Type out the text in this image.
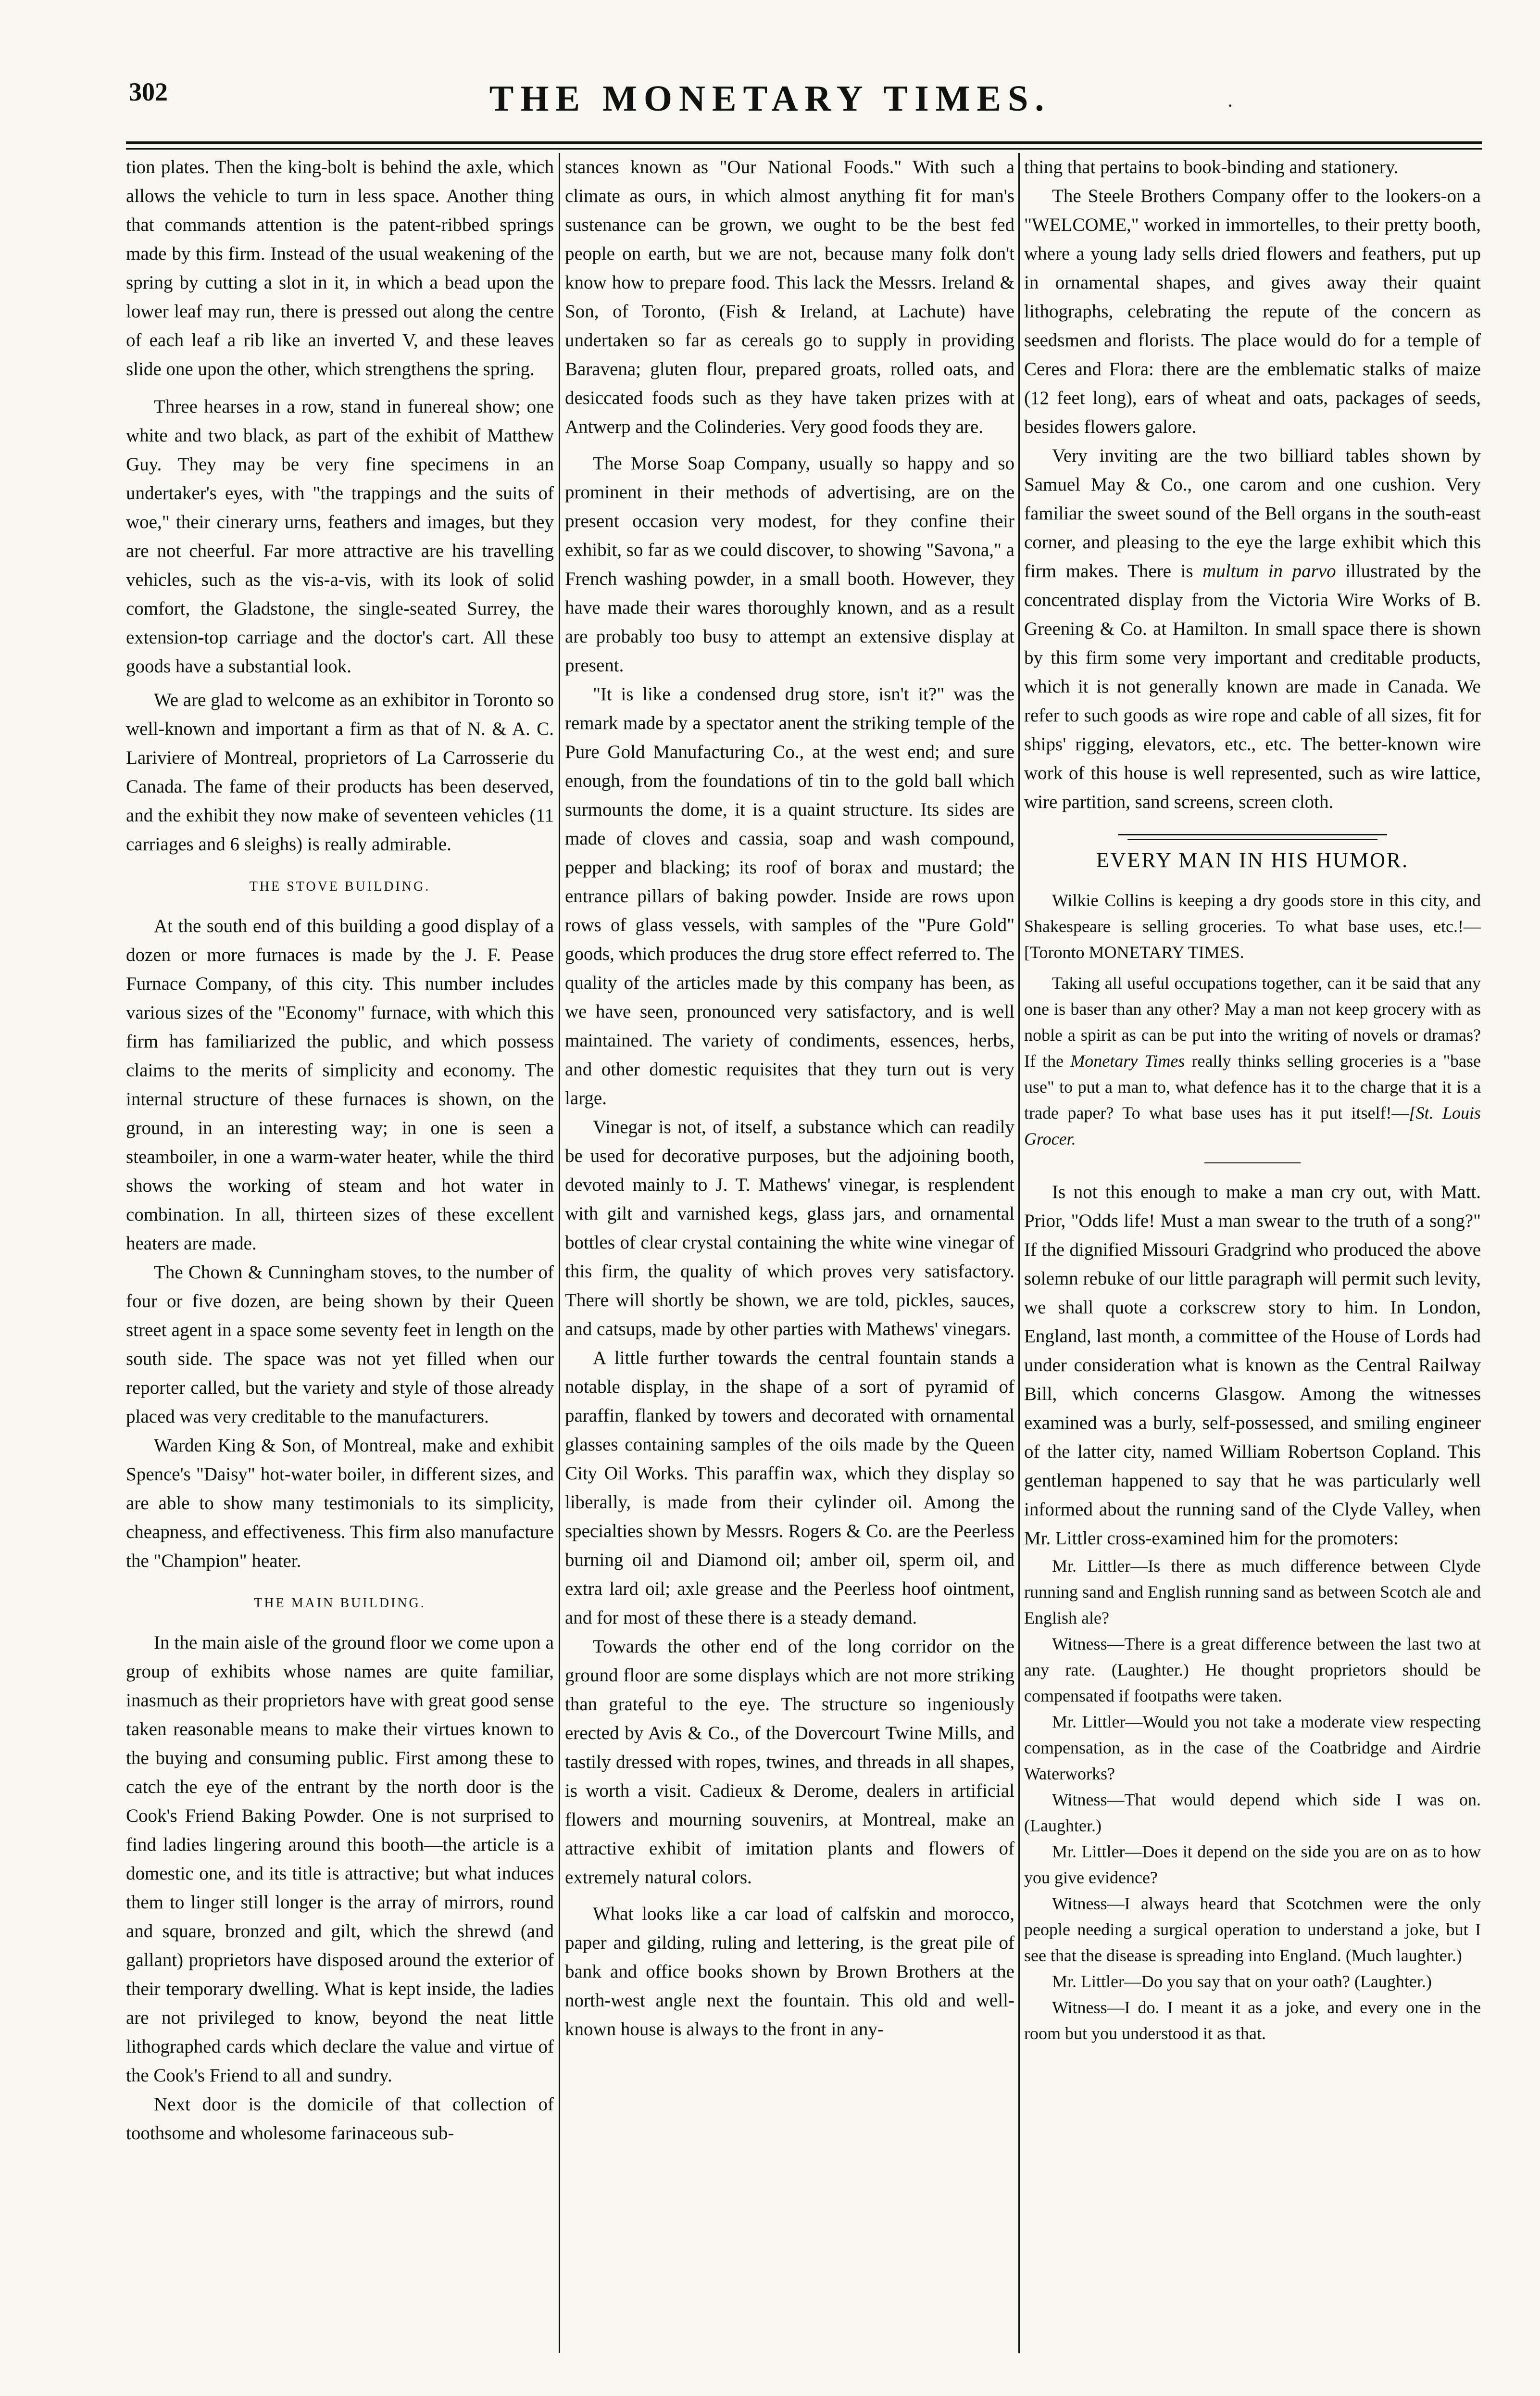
302	THE MONETARY TIMES.	·

tion plates. Then the king-bolt is behind the axle, which allows the vehicle to turn in less space. Another thing that commands attention is the patent-ribbed springs made by this firm. Instead of the usual weakening of the spring by cutting a slot in it, in which a bead upon the lower leaf may run, there is pressed out along the centre of each leaf a rib like an inverted V, and these leaves slide one upon the other, which strengthens the spring.

Three hearses in a row, stand in funereal show; one white and two black, as part of the exhibit of Matthew Guy. They may be very fine specimens in an undertaker's eyes, with "the trappings and the suits of woe," their cinerary urns, feathers and images, but they are not cheerful. Far more attractive are his travelling vehicles, such as the vis-a-vis, with its look of solid comfort, the Gladstone, the single-seated Surrey, the extension-top carriage and the doctor's cart. All these goods have a substantial look.

We are glad to welcome as an exhibitor in Toronto so well-known and important a firm as that of N. & A. C. Lariviere of Montreal, proprietors of La Carrosserie du Canada. The fame of their products has been deserved, and the exhibit they now make of seventeen vehicles (11 carriages and 6 sleighs) is really admirable.

THE STOVE BUILDING.

At the south end of this building a good display of a dozen or more furnaces is made by the J. F. Pease Furnace Company, of this city. This number includes various sizes of the "Economy" furnace, with which this firm has familiarized the public, and which possess claims to the merits of simplicity and economy. The internal structure of these furnaces is shown, on the ground, in an interesting way; in one is seen a steamboiler, in one a warm-water heater, while the third shows the working of steam and hot water in combination. In all, thirteen sizes of these excellent heaters are made.

The Chown & Cunningham stoves, to the number of four or five dozen, are being shown by their Queen street agent in a space some seventy feet in length on the south side. The space was not yet filled when our reporter called, but the variety and style of those already placed was very creditable to the manufacturers.

Warden King & Son, of Montreal, make and exhibit Spence's "Daisy" hot-water boiler, in different sizes, and are able to show many testimonials to its simplicity, cheapness, and effectiveness. This firm also manufacture the "Champion" heater.

THE MAIN BUILDING.

In the main aisle of the ground floor we come upon a group of exhibits whose names are quite familiar, inasmuch as their proprietors have with great good sense taken reasonable means to make their virtues known to the buying and consuming public. First among these to catch the eye of the entrant by the north door is the Cook's Friend Baking Powder. One is not surprised to find ladies lingering around this booth—the article is a domestic one, and its title is attractive; but what induces them to linger still longer is the array of mirrors, round and square, bronzed and gilt, which the shrewd (and gallant) proprietors have disposed around the exterior of their temporary dwelling. What is kept inside, the ladies are not privileged to know, beyond the neat little lithographed cards which declare the value and virtue of the Cook's Friend to all and sundry.

Next door is the domicile of that collection of toothsome and wholesome farinaceous sub-

stances known as "Our National Foods." With such a climate as ours, in which almost anything fit for man's sustenance can be grown, we ought to be the best fed people on earth, but we are not, because many folk don't know how to prepare food. This lack the Messrs. Ireland & Son, of Toronto, (Fish & Ireland, at Lachute) have undertaken so far as cereals go to supply in providing Baravena; gluten flour, prepared groats, rolled oats, and desiccated foods such as they have taken prizes with at Antwerp and the Colinderies. Very good foods they are.

The Morse Soap Company, usually so happy and so prominent in their methods of advertising, are on the present occasion very modest, for they confine their exhibit, so far as we could discover, to showing "Savona," a French washing powder, in a small booth. However, they have made their wares thoroughly known, and as a result are probably too busy to attempt an extensive display at present.

"It is like a condensed drug store, isn't it?" was the remark made by a spectator anent the striking temple of the Pure Gold Manufacturing Co., at the west end; and sure enough, from the foundations of tin to the gold ball which surmounts the dome, it is a quaint structure. Its sides are made of cloves and cassia, soap and wash compound, pepper and blacking; its roof of borax and mustard; the entrance pillars of baking powder. Inside are rows upon rows of glass vessels, with samples of the "Pure Gold" goods, which produces the drug store effect referred to. The quality of the articles made by this company has been, as we have seen, pronounced very satisfactory, and is well maintained. The variety of condiments, essences, herbs, and other domestic requisites that they turn out is very large.

Vinegar is not, of itself, a substance which can readily be used for decorative purposes, but the adjoining booth, devoted mainly to J. T. Mathews' vinegar, is resplendent with gilt and varnished kegs, glass jars, and ornamental bottles of clear crystal containing the white wine vinegar of this firm, the quality of which proves very satisfactory. There will shortly be shown, we are told, pickles, sauces, and catsups, made by other parties with Mathews' vinegars.

A little further towards the central fountain stands a notable display, in the shape of a sort of pyramid of paraffin, flanked by towers and decorated with ornamental glasses containing samples of the oils made by the Queen City Oil Works. This paraffin wax, which they display so liberally, is made from their cylinder oil. Among the specialties shown by Messrs. Rogers & Co. are the Peerless burning oil and Diamond oil; amber oil, sperm oil, and extra lard oil; axle grease and the Peerless hoof ointment, and for most of these there is a steady demand.

Towards the other end of the long corridor on the ground floor are some displays which are not more striking than grateful to the eye. The structure so ingeniously erected by Avis & Co., of the Dovercourt Twine Mills, and tastily dressed with ropes, twines, and threads in all shapes, is worth a visit. Cadieux & Derome, dealers in artificial flowers and mourning souvenirs, at Montreal, make an attractive exhibit of imitation plants and flowers of extremely natural colors.

What looks like a car load of calfskin and morocco, paper and gilding, ruling and lettering, is the great pile of bank and office books shown by Brown Brothers at the north-west angle next the fountain. This old and well-known house is always to the front in any-

thing that pertains to book-binding and stationery.

The Steele Brothers Company offer to the lookers-on a "WELCOME," worked in immortelles, to their pretty booth, where a young lady sells dried flowers and feathers, put up in ornamental shapes, and gives away their quaint lithographs, celebrating the repute of the concern as seedsmen and florists. The place would do for a temple of Ceres and Flora: there are the emblematic stalks of maize (12 feet long), ears of wheat and oats, packages of seeds, besides flowers galore.

Very inviting are the two billiard tables shown by Samuel May & Co., one carom and one cushion. Very familiar the sweet sound of the Bell organs in the south-east corner, and pleasing to the eye the large exhibit which this firm makes. There is multum in parvo illustrated by the concentrated display from the Victoria Wire Works of B. Greening & Co. at Hamilton. In small space there is shown by this firm some very important and creditable products, which it is not generally known are made in Canada. We refer to such goods as wire rope and cable of all sizes, fit for ships' rigging, elevators, etc., etc. The better-known wire work of this house is well represented, such as wire lattice, wire partition, sand screens, screen cloth.

EVERY MAN IN HIS HUMOR.

Wilkie Collins is keeping a dry goods store in this city, and Shakespeare is selling groceries. To what base uses, etc.!—[Toronto MONETARY TIMES.

Taking all useful occupations together, can it be said that any one is baser than any other? May a man not keep grocery with as noble a spirit as can be put into the writing of novels or dramas? If the Monetary Times really thinks selling groceries is a "base use" to put a man to, what defence has it to the charge that it is a trade paper? To what base uses has it put itself!—[St. Louis Grocer.

Is not this enough to make a man cry out, with Matt. Prior, "Odds life! Must a man swear to the truth of a song?" If the dignified Missouri Gradgrind who produced the above solemn rebuke of our little paragraph will permit such levity, we shall quote a corkscrew story to him. In London, England, last month, a committee of the House of Lords had under consideration what is known as the Central Railway Bill, which concerns Glasgow. Among the witnesses examined was a burly, self-possessed, and smiling engineer of the latter city, named William Robertson Copland. This gentleman happened to say that he was particularly well informed about the running sand of the Clyde Valley, when Mr. Littler cross-examined him for the promoters:

Mr. Littler—Is there as much difference between Clyde running sand and English running sand as between Scotch ale and English ale?

Witness—There is a great difference between the last two at any rate. (Laughter.) He thought proprietors should be compensated if footpaths were taken.

Mr. Littler—Would you not take a moderate view respecting compensation, as in the case of the Coatbridge and Airdrie Waterworks?

Witness—That would depend which side I was on. (Laughter.)

Mr. Littler—Does it depend on the side you are on as to how you give evidence?

Witness—I always heard that Scotchmen were the only people needing a surgical operation to understand a joke, but I see that the disease is spreading into England. (Much laughter.)

Mr. Littler—Do you say that on your oath? (Laughter.)

Witness—I do. I meant it as a joke, and every one in the room but you understood it as that.
